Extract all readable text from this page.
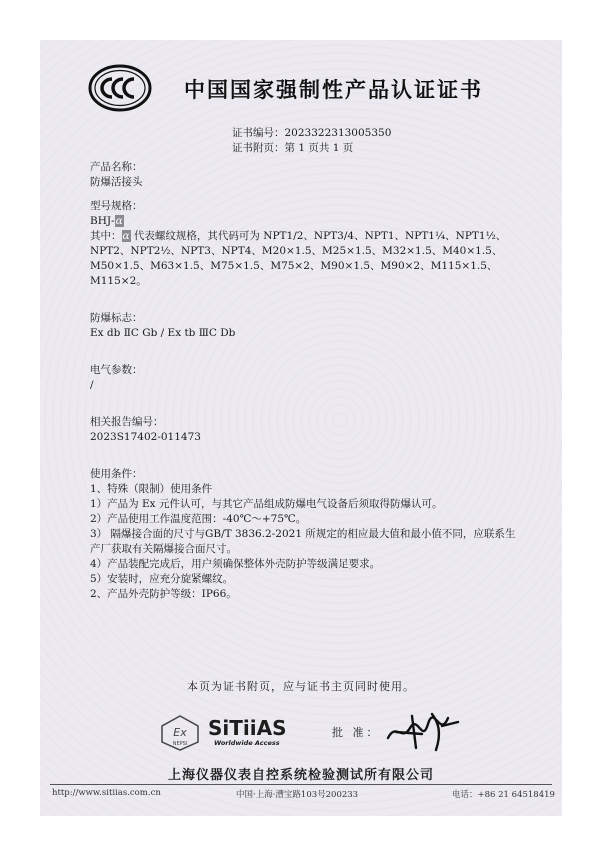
中国国家强制性产品认证证书
证书编号：2023322313005350
证书附页：第 1 页共 1 页
产品名称：
防爆活接头
型号规格：
BHJ-α
其中：α 代表螺纹规格，其代码可为 NPT1/2、NPT3/4、NPT1、NPT1¼、NPT1½、NPT2、NPT2½、NPT3、NPT4、M20×1.5、M25×1.5、M32×1.5、M40×1.5、M50×1.5、M63×1.5、M75×1.5、M75×2、M90×1.5、M90×2、M115×1.5、M115×2。
防爆标志：
Ex db ⅡC Gb / Ex tb ⅢC Db
电气参数：
/
相关报告编号：
2023S17402-011473
使用条件：
1、特殊（限制）使用条件
1）产品为 Ex 元件认可，与其它产品组成防爆电气设备后须取得防爆认可。
2）产品使用工作温度范围：-40℃～+75℃。
3） 隔爆接合面的尺寸与GB/T 3836.2-2021 所规定的相应最大值和最小值不同，应联系生产厂获取有关隔爆接合面尺寸。
4）产品装配完成后，用户须确保整体外壳防护等级满足要求。
5）安装时，应充分旋紧螺纹。
2、产品外壳防护等级：IP66。
本页为证书附页，应与证书主页同时使用。
Ex
NEPSI
SiTiiAS
Worldwide Access
批 准：
上海仪器仪表自控系统检验测试所有限公司
http://www.sitiias.com.cn	中国·上海·漕宝路103号200233	电话：+86 21 64518419
